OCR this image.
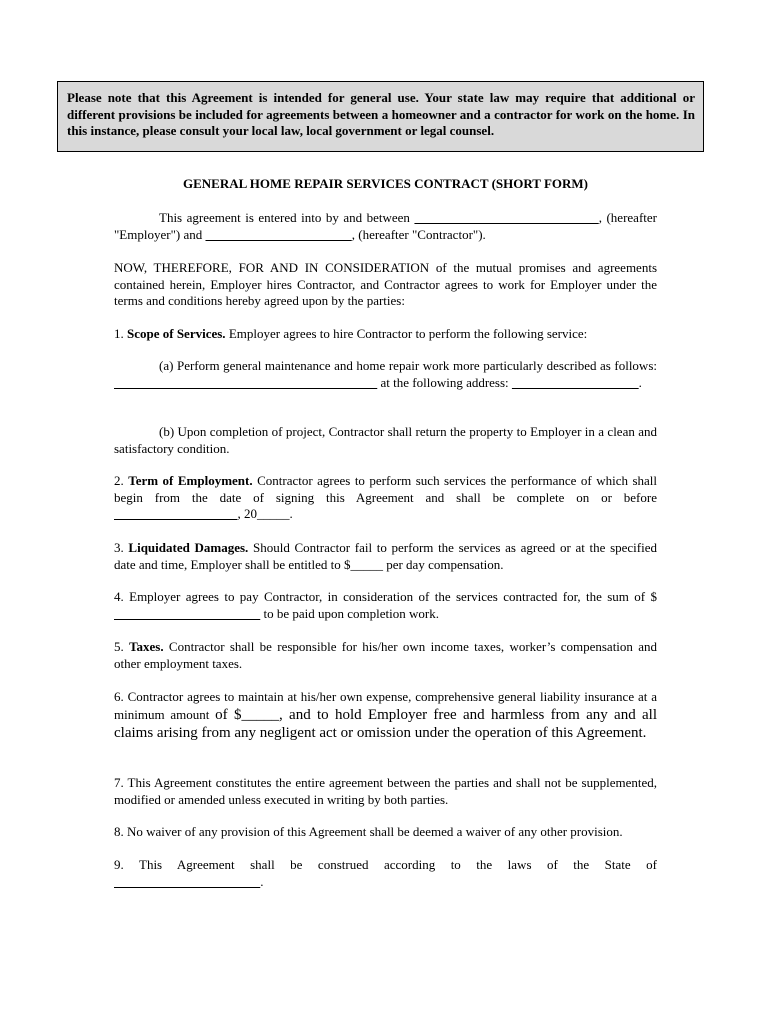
Please note that this Agreement is intended for general use. Your state law may require that additional or different provisions be included for agreements between a homeowner and a contractor for work on the home. In this instance, please consult your local law, local government or legal counsel.

GENERAL HOME REPAIR SERVICES CONTRACT (SHORT FORM)

This agreement is entered into by and between	, (hereafter "Employer") and	, (hereafter "Contractor").

NOW, THEREFORE, FOR AND IN CONSIDERATION of the mutual promises and agreements contained herein, Employer hires Contractor, and Contractor agrees to work for Employer under the terms and conditions hereby agreed upon by the parties:

1. Scope of Services. Employer agrees to hire Contractor to perform the following service:

(a) Perform general maintenance and home repair work more particularly described as follows:                                                                                   at the following address:	.

(b) Upon completion of project, Contractor shall return the property to Employer in a clean and satisfactory condition.

2. Term of Employment. Contractor agrees to perform such services the performance of which shall begin from the date of signing this Agreement and shall be complete on or before                                       , 20_____.

3. Liquidated Damages. Should Contractor fail to perform the services as agreed or at the specified date and time, Employer shall be entitled to $_____ per day compensation.

4. Employer agrees to pay Contractor, in consideration of the services contracted for, the sum of $                                               to be paid upon completion work.

5. Taxes. Contractor shall be responsible for his/her own income taxes, worker’s compensation and other employment taxes.

6. Contractor agrees to maintain at his/her own expense, comprehensive general liability insurance at a minimum amount of $_____, and to hold Employer free and harmless from any and all claims arising from any negligent act or omission under the operation of this Agreement.

7. This Agreement constitutes the entire agreement between the parties and shall not be supplemented, modified or amended unless executed in writing by both parties.

8. No waiver of any provision of this Agreement shall be deemed a waiver of any other provision.

9. This Agreement shall be construed according to the laws of the State of
.
